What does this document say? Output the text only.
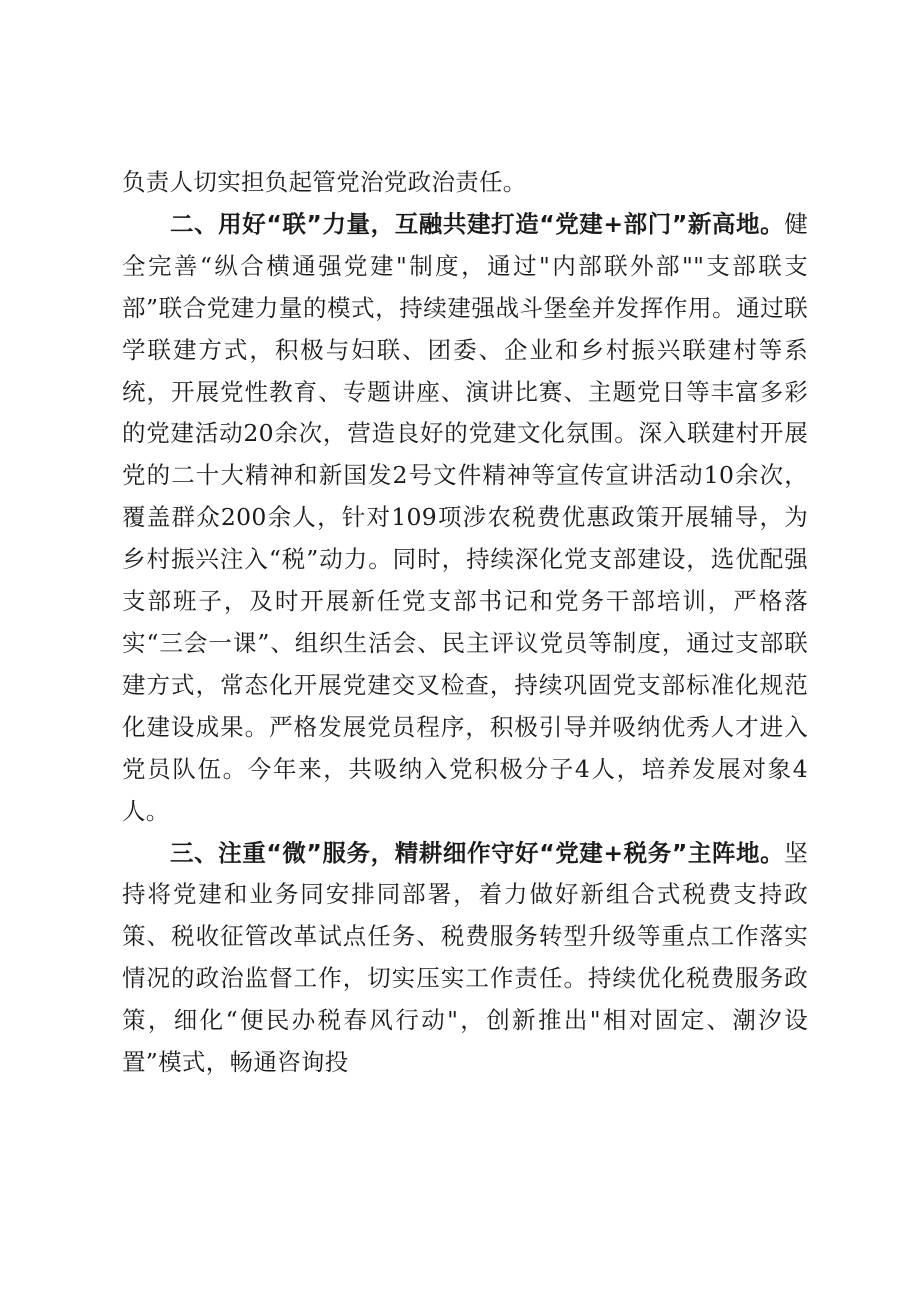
负责人切实担负起管党治党政治责任。

二、用好“联”力量，互融共建打造“党建+部门”新高地。健全完善“纵合横通强党建"制度，通过"内部联外部""支部联支部”联合党建力量的模式，持续建强战斗堡垒并发挥作用。通过联学联建方式，积极与妇联、团委、企业和乡村振兴联建村等系统，开展党性教育、专题讲座、演讲比赛、主题党日等丰富多彩的党建活动20余次，营造良好的党建文化氛围。深入联建村开展党的二十大精神和新国发2号文件精神等宣传宣讲活动10余次，覆盖群众200余人，针对109项涉农税费优惠政策开展辅导，为乡村振兴注入“税”动力。同时，持续深化党支部建设，选优配强支部班子，及时开展新任党支部书记和党务干部培训，严格落实“三会一课”、组织生活会、民主评议党员等制度，通过支部联建方式，常态化开展党建交叉检查，持续巩固党支部标准化规范化建设成果。严格发展党员程序，积极引导并吸纳优秀人才进入党员队伍。今年来，共吸纳入党积极分子4人，培养发展对象4人。

三、注重“微”服务，精耕细作守好“党建+税务”主阵地。坚持将党建和业务同安排同部署，着力做好新组合式税费支持政策、税收征管改革试点任务、税费服务转型升级等重点工作落实情况的政治监督工作，切实压实工作责任。持续优化税费服务政策，细化“便民办税春风行动"，创新推出"相对固定、潮汐设置”模式，畅通咨询投
